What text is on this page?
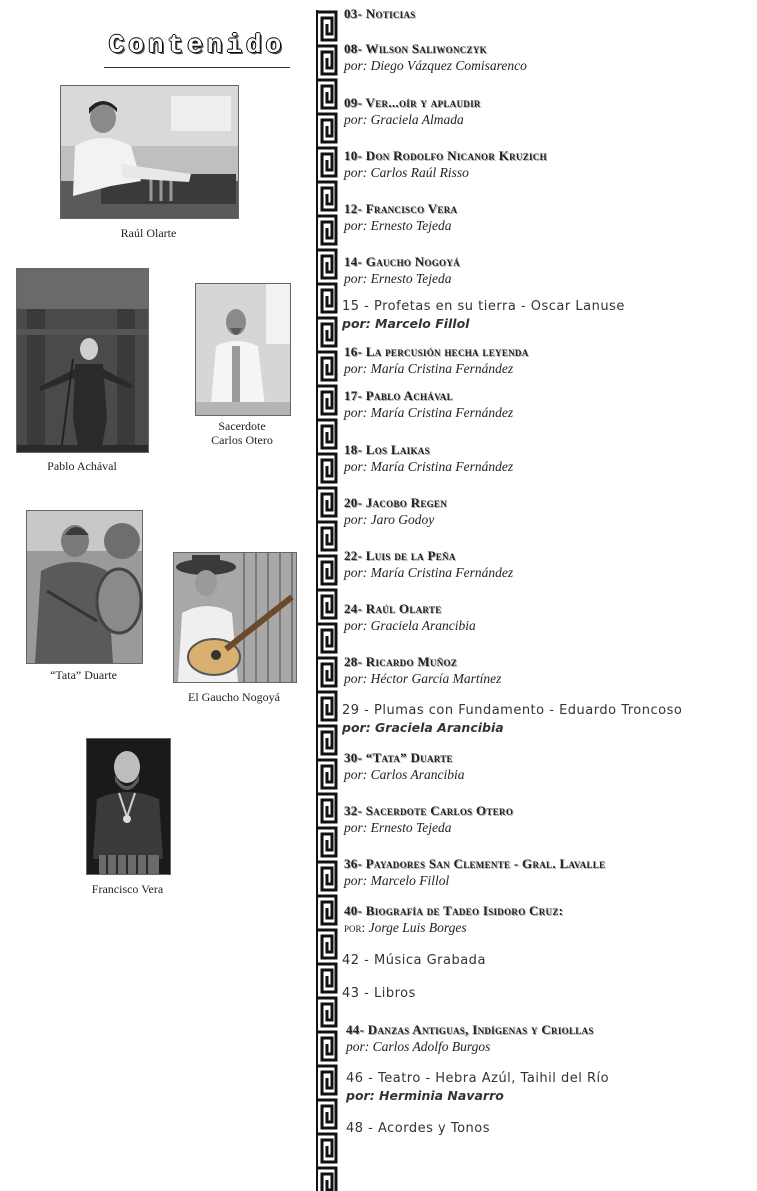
Contenido
Raúl Olarte
Pablo Achával
Sacerdote
Carlos Otero
“Tata” Duarte
El Gaucho Nogoyá
Francisco Vera
03- Noticias
08- Wilson Saliwonczyk
por: Diego Vázquez Comisarenco
09- Ver...oír y aplaudir
por: Graciela Almada
10- Don Rodolfo Nicanor Kruzich
por: Carlos Raúl Risso
12- Francisco Vera
por: Ernesto Tejeda
14- Gaucho Nogoyá
por: Ernesto Tejeda
15 - Profetas en su tierra - Oscar Lanuse
por: Marcelo Fillol
16- La percusión hecha leyenda
por: María Cristina Fernández
17- Pablo Achával
por: María Cristina Fernández
18- Los Laikas
por: María Cristina Fernández
20- Jacobo Regen
por: Jaro Godoy
22- Luis de la Peña
por: María Cristina Fernández
24- Raúl Olarte
por: Graciela Arancibia
28- Ricardo Muñoz
por: Héctor García Martínez
29 - Plumas con Fundamento - Eduardo Troncoso
por: Graciela Arancibia
30- “Tata” Duarte
por: Carlos Arancibia
32- Sacerdote Carlos Otero
por: Ernesto Tejeda
36- Payadores San Clemente - Gral. Lavalle
por: Marcelo Fillol
40- Biografía de Tadeo Isidoro Cruz:
por: Jorge Luis Borges
42 - Música Grabada
43 - Libros
44- Danzas Antiguas, Indígenas y Criollas
por: Carlos Adolfo Burgos
46 - Teatro - Hebra Azúl, Taihil del Río
por: Herminia Navarro
48 - Acordes y Tonos
